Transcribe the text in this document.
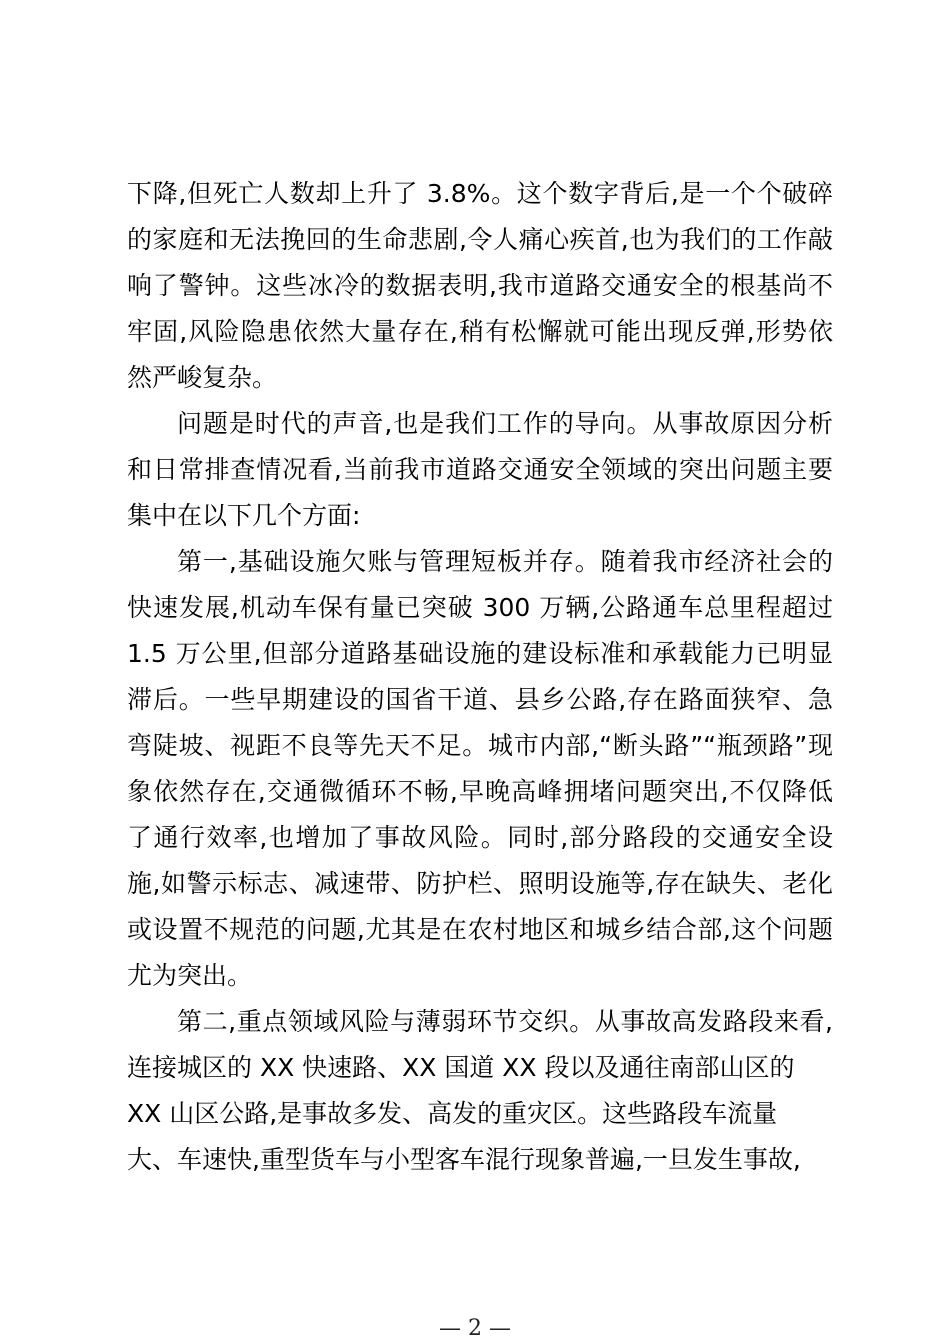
下降,但死亡人数却上升了 3.8%。这个数字背后,是一个个破碎
的家庭和无法挽回的生命悲剧,令人痛心疾首,也为我们的工作敲
响了警钟。这些冰冷的数据表明,我市道路交通安全的根基尚不
牢固,风险隐患依然大量存在,稍有松懈就可能出现反弹,形势依
然严峻复杂。
问题是时代的声音,也是我们工作的导向。从事故原因分析
和日常排查情况看,当前我市道路交通安全领域的突出问题主要
集中在以下几个方面:
第一,基础设施欠账与管理短板并存。随着我市经济社会的
快速发展,机动车保有量已突破 300 万辆,公路通车总里程超过
1.5 万公里,但部分道路基础设施的建设标准和承载能力已明显
滞后。一些早期建设的国省干道、县乡公路,存在路面狭窄、急
弯陡坡、视距不良等先天不足。城市内部,“断头路”“瓶颈路”现
象依然存在,交通微循环不畅,早晚高峰拥堵问题突出,不仅降低
了通行效率,也增加了事故风险。同时,部分路段的交通安全设
施,如警示标志、减速带、防护栏、照明设施等,存在缺失、老化
或设置不规范的问题,尤其是在农村地区和城乡结合部,这个问题
尤为突出。
第二,重点领域风险与薄弱环节交织。从事故高发路段来看,
连接城区的 XX 快速路、XX 国道 XX 段以及通往南部山区的
XX 山区公路,是事故多发、高发的重灾区。这些路段车流量
大、车速快,重型货车与小型客车混行现象普遍,一旦发生事故,
— 2 —
